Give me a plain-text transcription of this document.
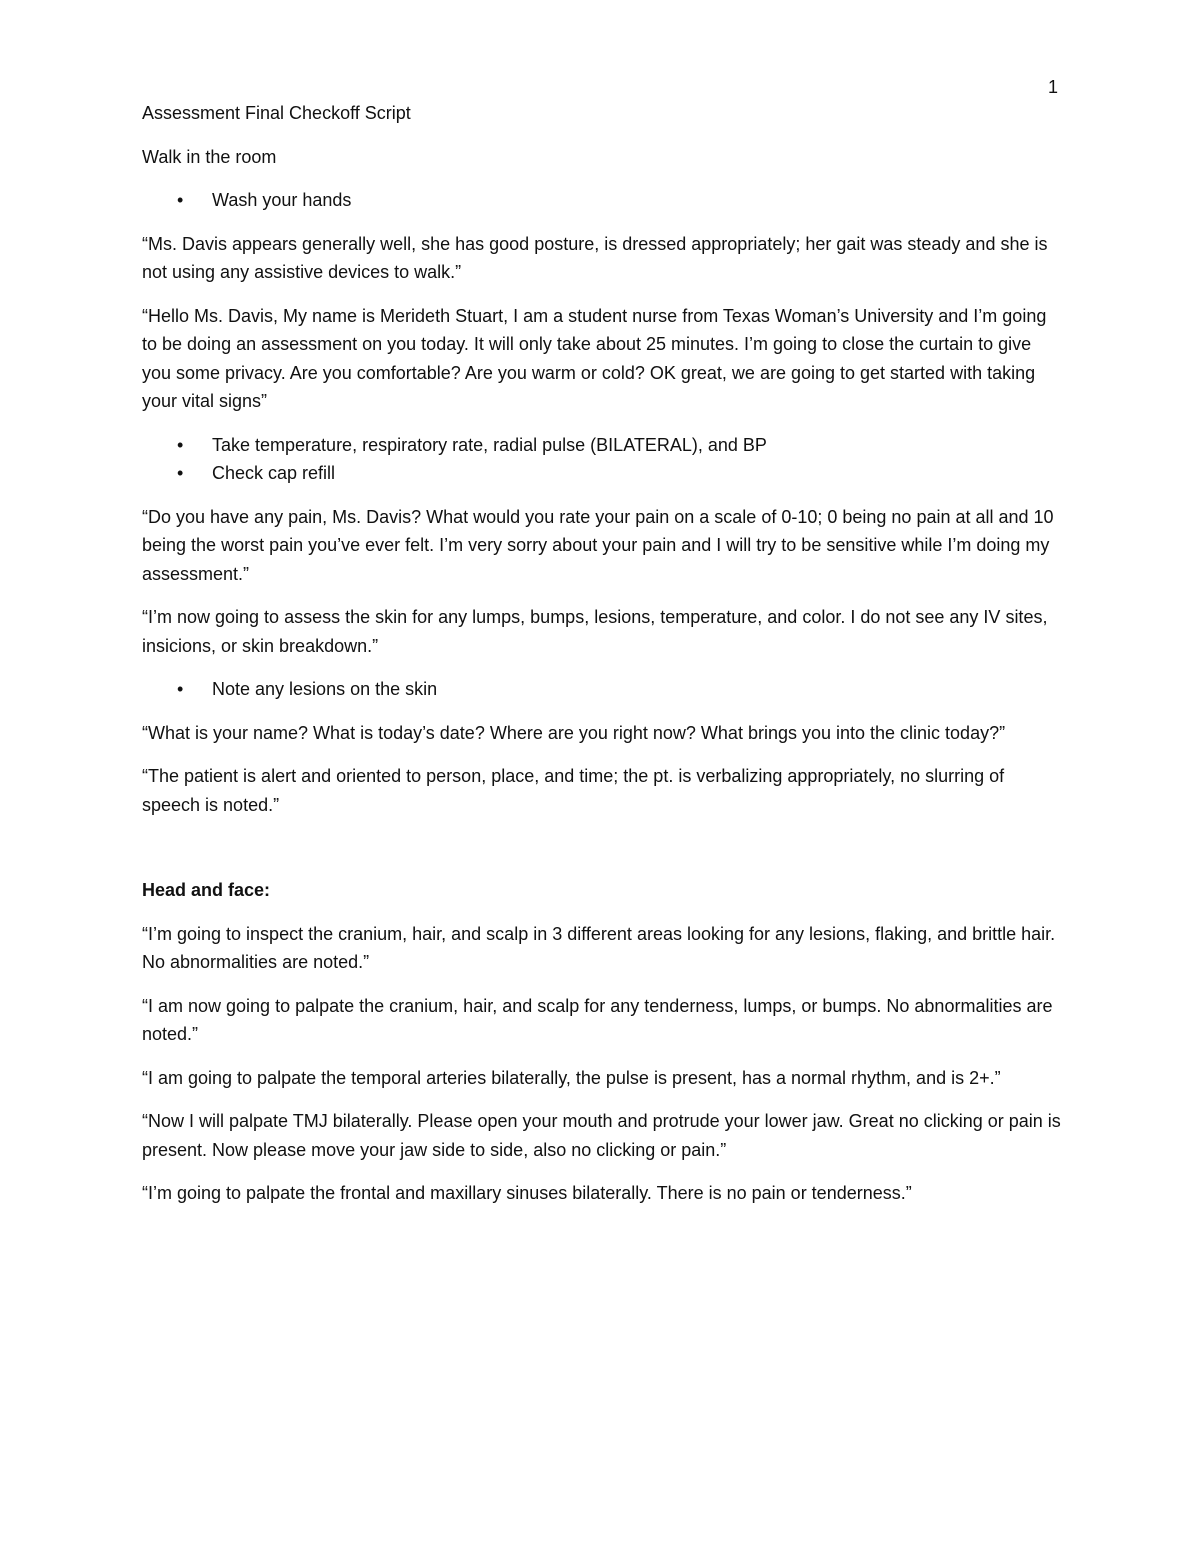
1

Assessment Final Checkoff Script

Walk in the room

• Wash your hands

“Ms. Davis appears generally well, she has good posture, is dressed appropriately; her gait was steady and she is not using any assistive devices to walk.”

“Hello Ms. Davis, My name is Merideth Stuart, I am a student nurse from Texas Woman’s University and I’m going to be doing an assessment on you today. It will only take about 25 minutes. I’m going to close the curtain to give you some privacy. Are you comfortable? Are you warm or cold? OK great, we are going to get started with taking your vital signs”

• Take temperature, respiratory rate, radial pulse (BILATERAL), and BP
• Check cap refill

“Do you have any pain, Ms. Davis? What would you rate your pain on a scale of 0-10; 0 being no pain at all and 10 being the worst pain you’ve ever felt. I’m very sorry about your pain and I will try to be sensitive while I’m doing my assessment.”

“I’m now going to assess the skin for any lumps, bumps, lesions, temperature, and color. I do not see any IV sites, insicions, or skin breakdown.”

• Note any lesions on the skin

“What is your name? What is today’s date? Where are you right now? What brings you into the clinic today?”

“The patient is alert and oriented to person, place, and time; the pt. is verbalizing appropriately, no slurring of speech is noted.”

Head and face:

“I’m going to inspect the cranium, hair, and scalp in 3 different areas looking for any lesions, flaking, and brittle hair. No abnormalities are noted.”

“I am now going to palpate the cranium, hair, and scalp for any tenderness, lumps, or bumps. No abnormalities are noted.”

“I am going to palpate the temporal arteries bilaterally, the pulse is present, has a normal rhythm, and is 2+.”

“Now I will palpate TMJ bilaterally. Please open your mouth and protrude your lower jaw. Great no clicking or pain is present. Now please move your jaw side to side, also no clicking or pain.”

“I’m going to palpate the frontal and maxillary sinuses bilaterally. There is no pain or tenderness.”
